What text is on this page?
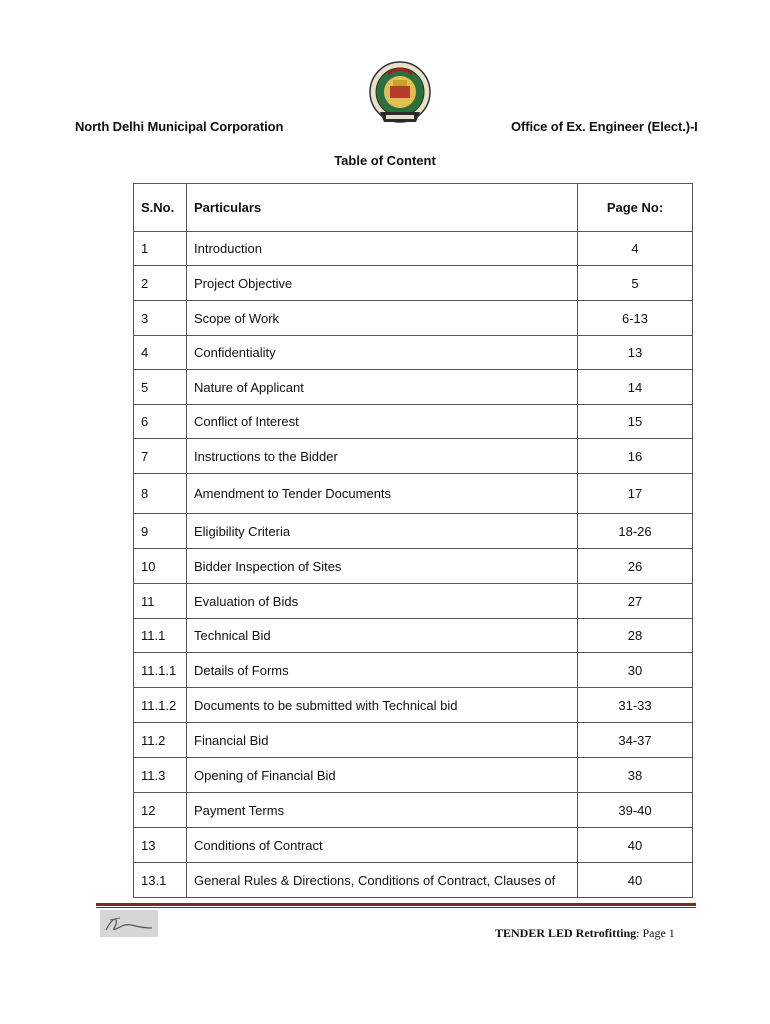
North Delhi Municipal Corporation	Office of Ex. Engineer (Elect.)-I
Table of Content
S.No.	Particulars	Page No:
1	Introduction	4
2	Project Objective	5
3	Scope of Work	6-13
4	Confidentiality	13
5	Nature of Applicant	14
6	Conflict of Interest	15
7	Instructions to the Bidder	16
8	Amendment to Tender Documents	17
9	Eligibility Criteria	18-26
10	Bidder Inspection of Sites	26
11	Evaluation of Bids	27
11.1	Technical Bid	28
11.1.1	Details of Forms	30
11.1.2	Documents to be submitted with Technical bid	31-33
11.2	Financial Bid	34-37
11.3	Opening of Financial Bid	38
12	Payment Terms	39-40
13	Conditions of Contract	40
13.1	General Rules & Directions, Conditions of Contract, Clauses of	40
TENDER LED Retrofitting: Page 1
